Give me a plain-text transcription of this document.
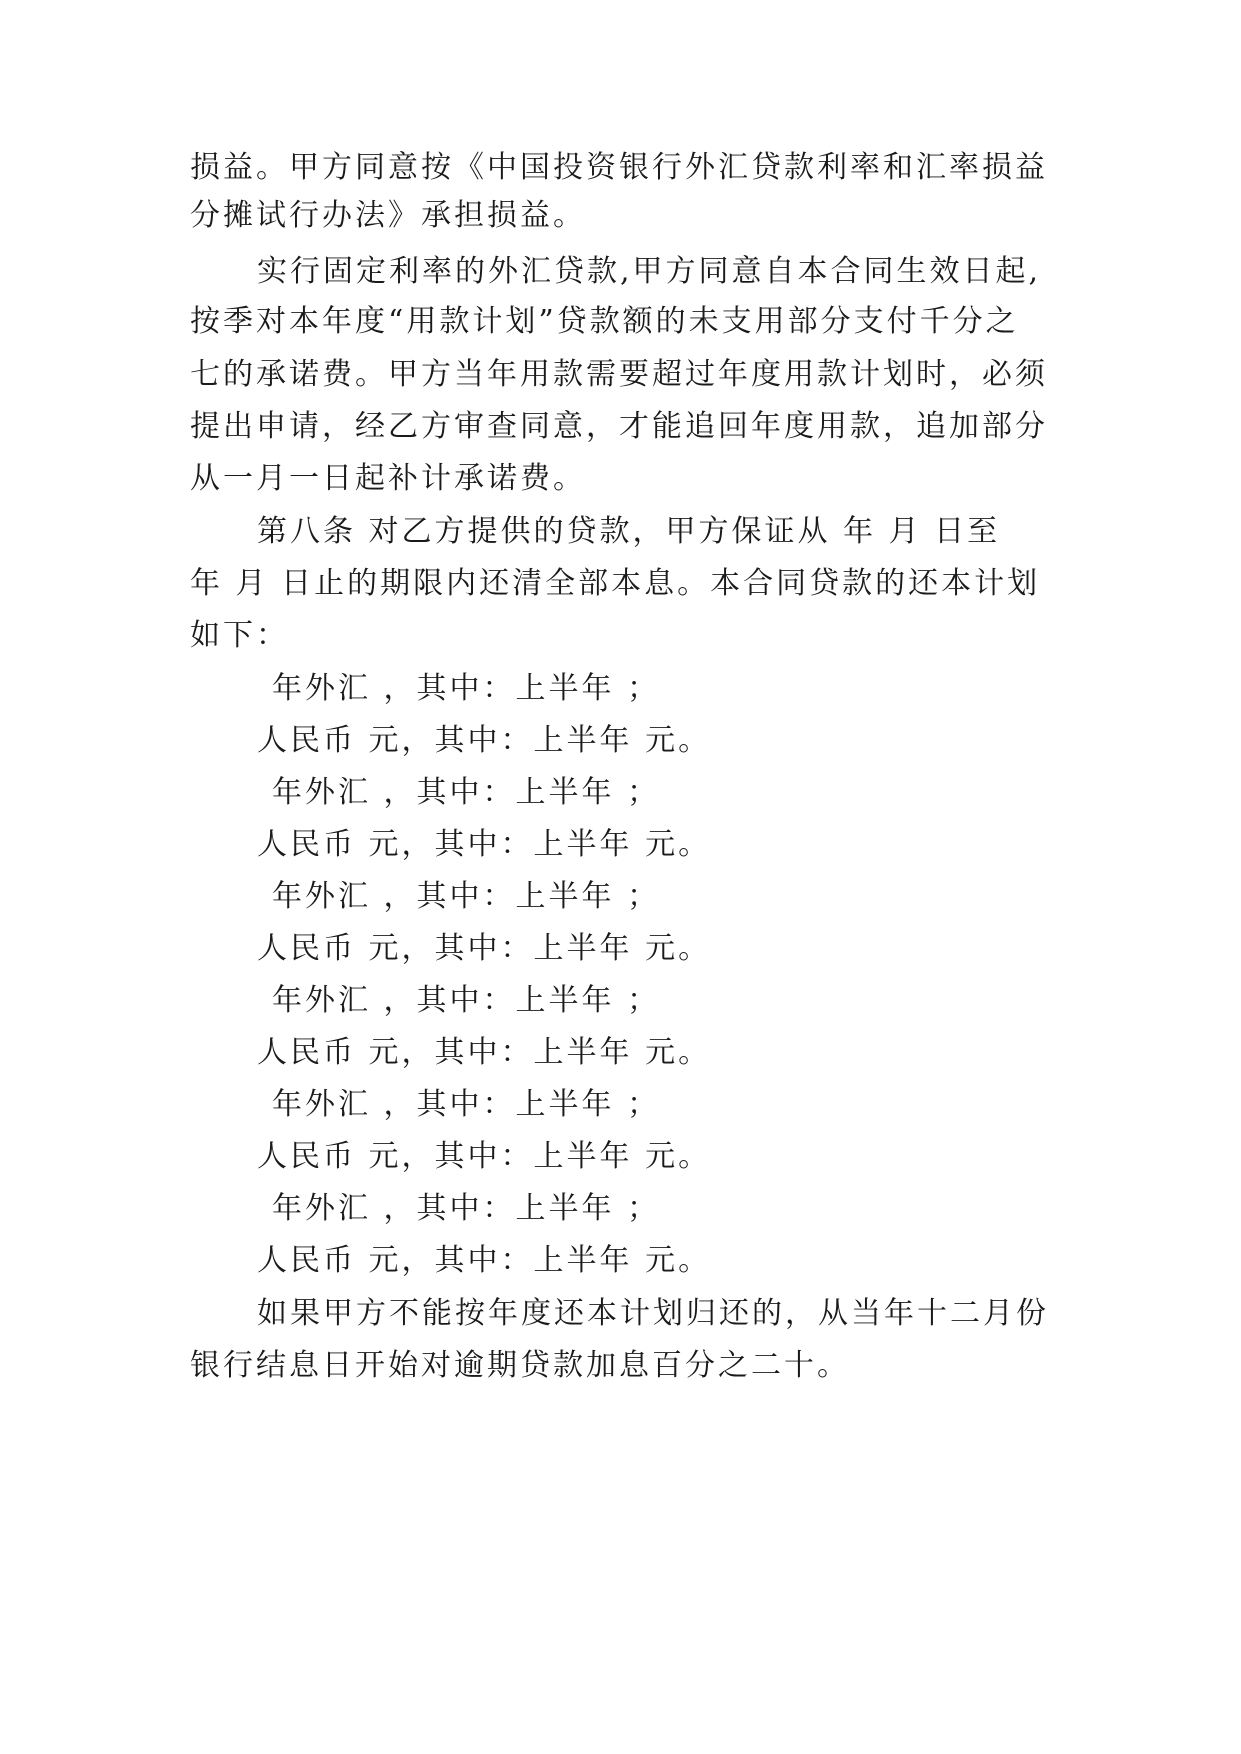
损益。甲方同意按《中国投资银行外汇贷款利率和汇率损益
分摊试行办法》承担损益。
实行固定利率的外汇贷款,甲方同意自本合同生效日起,
按季对本年度“用款计划”贷款额的未支用部分支付千分之
七的承诺费。甲方当年用款需要超过年度用款计划时，必须
提出申请，经乙方审查同意，才能追回年度用款，追加部分
从一月一日起补计承诺费。
第八条 对乙方提供的贷款，甲方保证从 年 月 日至
年 月 日止的期限内还清全部本息。本合同贷款的还本计划
如下：
年外汇 ，其中：上半年 ；
人民币 元，其中：上半年 元。
年外汇 ，其中：上半年 ；
人民币 元，其中：上半年 元。
年外汇 ，其中：上半年 ；
人民币 元，其中：上半年 元。
年外汇 ，其中：上半年 ；
人民币 元，其中：上半年 元。
年外汇 ，其中：上半年 ；
人民币 元，其中：上半年 元。
年外汇 ，其中：上半年 ；
人民币 元，其中：上半年 元。
如果甲方不能按年度还本计划归还的，从当年十二月份
银行结息日开始对逾期贷款加息百分之二十。
